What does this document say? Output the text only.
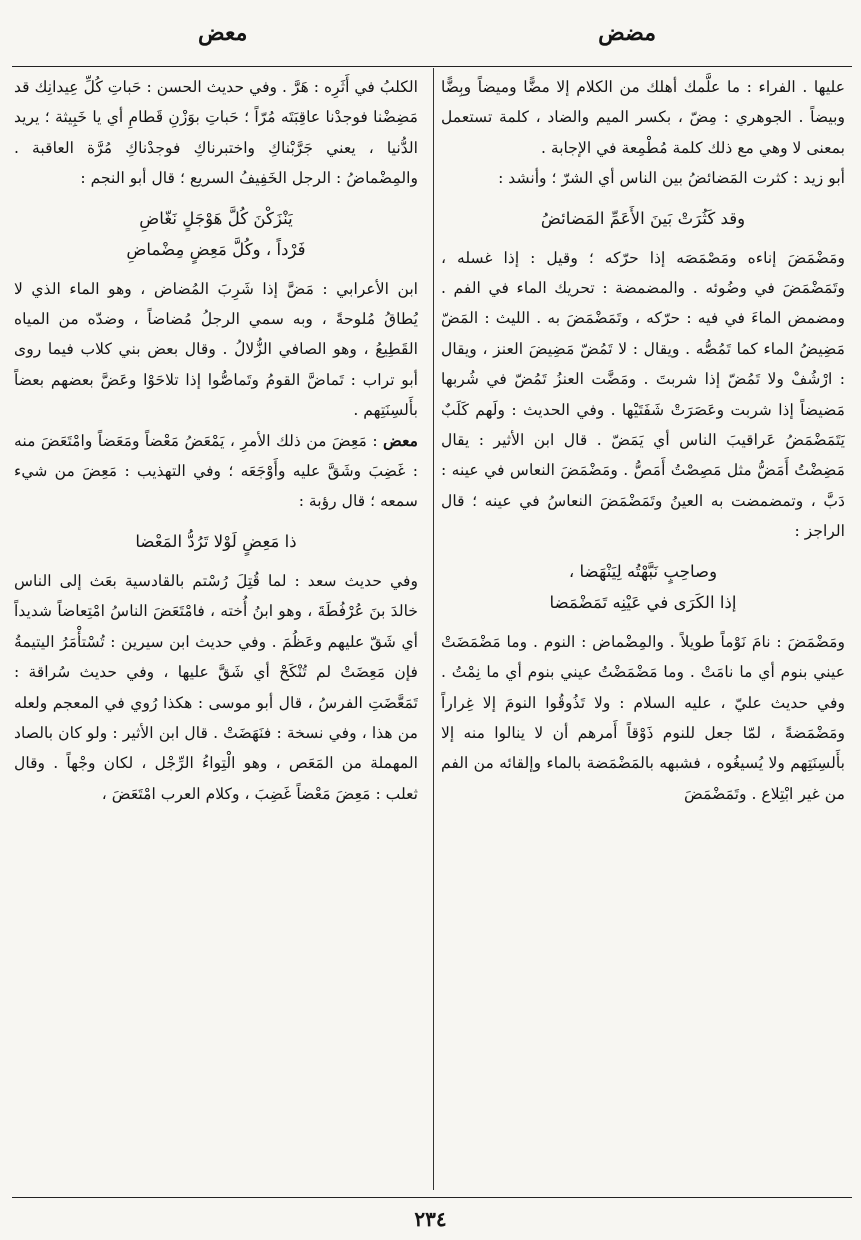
مضض
معض

عليها . الفراء : ما علَّمك أهلك من الكلام إلا مضًّا وميضاً وبِضًّا وبيضاً . الجوهري : مِضّ ، بكسر الميم والضاد ، كلمة تستعمل بمعنى لا وهي مع ذلك كلمة مُطْمِعة في الإجابة .

أبو زيد : كثرت المَضائضُ بين الناس أي الشرّ ؛ وأنشد :

وقد كَثُرَتْ بَينَ الأَعَمِّ المَضائضُ

ومَضْمَضَ إناءه ومَصْمَصَه إذا حرّكه ؛ وقيل : إذا غسله ، وتَمَضْمَضَ في وضُوئه . والمضمضة : تحريك الماء في الفم . ومضمض الماءَ في فيه : حرّكه ، وتَمَضْمَضَ به . الليث : المَضّ مَضِيضُ الماء كما تَمُصُّه . ويقال : لا تَمُضّ مَضِيضَ العنز ، ويقال : ارْشُفْ ولا تَمُضّ إذا شربتَ . ومَضَّت العنزُ تَمُضّ في شُربها مَضيضاً إذا شربت وعَصَرَتْ شَفَتَيْها . وفي الحديث : ولَهم كَلَبٌ يَتَمَضْمَضُ عَراقيبَ الناس أي يَمَضّ . قال ابن الأثير : يقال مَضِضْتُ أَمَضُّ مثل مَصِصْتُ أَمَصُّ . ومَضْمَضَ النعاس في عينه : دَبَّ ، وتمضمضت به العينُ وتَمَضْمَضَ النعاسُ في عينه ؛ قال الراجز :

وصاحِبٍ نَبَّهْتُه لِيَنْهَضا ،
إذا الكَرَى في عَيْنِه تَمَضْمَضا

ومَضْمَضَ : نامَ نَوْماً طويلاً . والمِضْماض : النوم . وما مَضْمَضَتْ عيني بنوم أي ما نامَتْ . وما مَضْمَضْتُ عيني بنوم أي ما نِمْتُ . وفي حديث عليّ ، عليه السلام : ولا تَذُوقُوا النومَ إلا غِراراً ومَضْمَضةً ، لمّا جعل للنوم ذَوْقاً أَمرهم أن لا ينالوا منه إلا بأَلسِنَتِهم ولا يُسيغُوه ، فشبهه بالمَضْمَضة بالماء وإلقائه من الفم من غير ابْتِلاع . وتَمَضْمَضَ

الكلبُ في أَثَرِه : هَرَّ . وفي حديث الحسن : حَباتِ كُلِّ عِيدانِك قد مَضِضْنا فوجدْنا عاقِبَتَه مُرّاً ؛ حَباتِ بوَزْنِ قَطامِ أي يا خَبِيثة ؛ يريد الدُّنيا ، يعني جَرَّبْناكِ واختبرناكِ فوجدْناكِ مُرَّة العاقبة . والمِضْماضُ : الرجل الخَفِيفُ السريع ؛ قال أبو النجم :

يَنْزَكْنَ كُلَّ هَوْجَلٍ نَغّاضِ
فَرْداً ، وكُلَّ مَعِضٍ مِضْماضِ

ابن الأعرابي : مَضَّ إذا شَرِبَ المُضاض ، وهو الماء الذي لا يُطاقُ مُلوحةً ، وبه سمي الرجلُ مُضاضاً ، وضدّه من المياه القَطِيعُ ، وهو الصافي الزُّلالُ . وقال بعض بني كلاب فيما روى أبو تراب : تَماضَّ القومُ وتَماصُّوا إذا تلاحَوْا وعَضَّ بعضهم بعضاً بأَلسِنَتِهم .

معض : مَعِضَ من ذلك الأمرِ ، يَمْعَضُ مَعْضاً ومَعَضاً وامْتَعَضَ منه : غَضِبَ وشَقَّ عليه وأَوْجَعَه ؛ وفي التهذيب : مَعِضَ من شيء سمعه ؛ قال رؤبة :

ذا مَعِضٍ لَوْلا تَرُدُّ المَعْضا

وفي حديث سعد : لما قُتِلَ رُسْتم بالقادسية بعَث إلى الناس خالدَ بنَ عُرْفُطَةَ ، وهو ابنُ أُخته ، فامْتَعَضَ الناسُ امْتِعاضاً شديداً أي شَقّ عليهم وعَظُمَ . وفي حديث ابن سيرين : تُسْتأْمَرُ اليتيمةُ فإن مَعِضَتْ لم تُنْكَحْ أي شَقَّ عليها ، وفي حديث سُراقة : تَمَعَّضَتِ الفرسُ ، قال أبو موسى : هكذا رُوي في المعجم ولعله من هذا ، وفي نسخة : فنَهَضَتْ . قال ابن الأثير : ولو كان بالصاد المهملة من المَعَص ، وهو الْتِواءُ الرِّجْل ، لكان وجْهاً . وقال ثعلب : مَعِضَ مَعْضاً غَضِبَ ، وكلام العرب امْتَعَضَ ،

٢٣٤
